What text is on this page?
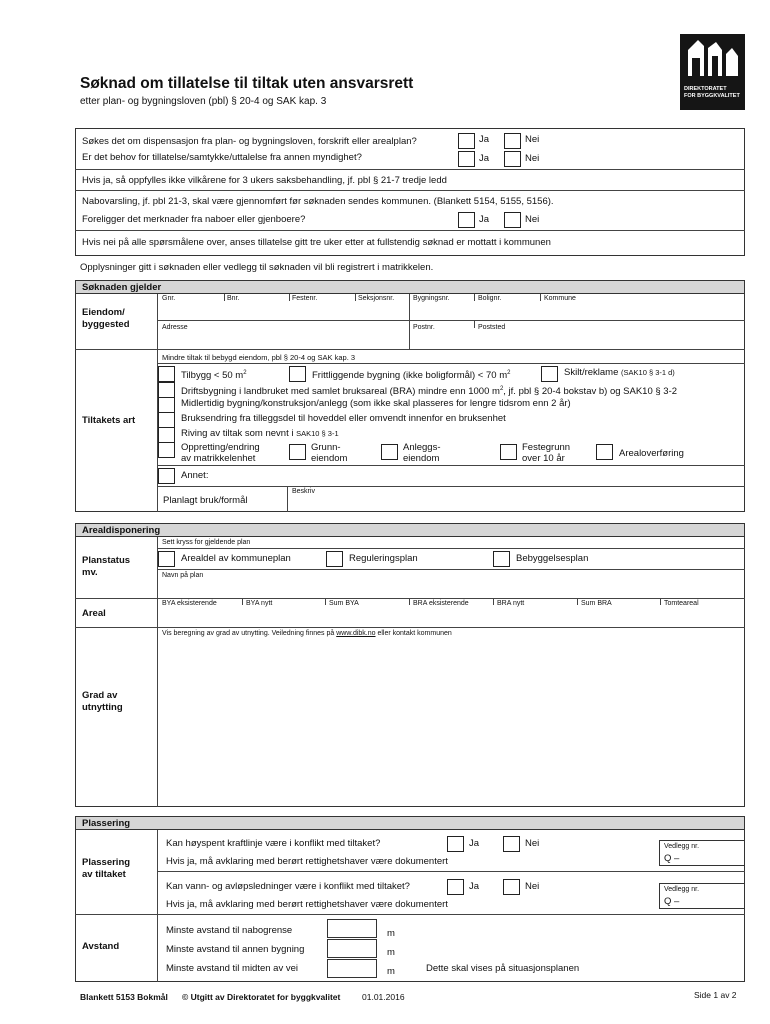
DIREKTORATET
FOR BYGGKVALITET
Søknad om tillatelse til tiltak uten ansvarsrett
etter plan- og bygningsloven (pbl) § 20-4 og SAK kap. 3
Søkes det om dispensasjon fra plan- og bygningsloven, forskrift eller arealplan?	Ja	Nei
Er det behov for tillatelse/samtykke/uttalelse fra annen myndighet?	Ja	Nei
Hvis ja, så oppfylles ikke vilkårene for 3 ukers saksbehandling, jf. pbl § 21-7 tredje ledd
Nabovarsling, jf. pbl 21-3, skal være gjennomført før søknaden sendes kommunen. (Blankett 5154, 5155, 5156).
Foreligger det merknader fra naboer eller gjenboere?	Ja	Nei
Hvis nei på alle spørsmålene over, anses tillatelse gitt tre uker etter at fullstendig søknad er mottatt i kommunen
Opplysninger gitt i søknaden eller vedlegg til søknaden vil bli registrert i matrikkelen.
Søknaden gjelder
Eiendom/
byggested
Gnr.	Bnr.	Festenr.	Seksjonsnr.	Bygningsnr.	Bolignr.	Kommune
Adresse	Postnr.	Poststed
Tiltakets art
Mindre tiltak til bebygd eiendom, pbl § 20-4 og SAK kap. 3
Tilbygg < 50 $m^2$	Frittliggende bygning (ikke boligformål) < 70 $m^2$	Skilt/reklame (SAK10 § 3-1 d)
Driftsbygning i landbruket med samlet bruksareal (BRA) mindre enn 1000 $m^2$, jf. pbl § 20-4 bokstav b) og SAK10 § 3-2
Midlertidig bygning/konstruksjon/anlegg (som ikke skal plasseres for lengre tidsrom enn 2 år)
Bruksendring fra tilleggsdel til hoveddel eller omvendt innenfor en bruksenhet
Riving av tiltak som nevnt i SAK10 § 3-1
Oppretting/endring
av matrikkelenhet
Grunn-
eiendom
Anleggs-
eiendom
Festegrunn
over 10 år	Arealoverføring
Annet:
Planlagt bruk/formål
Beskriv
Arealdisponering
Sett kryss for gjeldende plan
Planstatus
mv.
Arealdel av kommuneplan	Reguleringsplan	Bebyggelsesplan
Navn på plan
Areal
BYA eksisterende	BYA nytt	Sum BYA	BRA eksisterende	BRA nytt	Sum BRA	Tomteareal
Grad av
utnytting
Vis beregning av grad av utnytting. Veiledning finnes på www.dibk.no eller kontakt kommunen
Plassering
Plassering
av tiltaket
Kan høyspent kraftlinje være i konflikt med tiltaket?	Ja	Nei
Hvis ja, må avklaring med berørt rettighetshaver være dokumentert
Vedlegg nr.
Q –
Kan vann- og avløpsledninger være i konflikt med tiltaket?	Ja	Nei
Hvis ja, må avklaring med berørt rettighetshaver være dokumentert
Vedlegg nr.
Q –
Avstand
Minste avstand til nabogrense
Minste avstand til annen bygning
Minste avstand til midten av vei
m
m
m	Dette skal vises på situasjonsplanen
Blankett 5153 Bokmål © Utgitt av Direktoratet for byggkvalitet	01.01.2016	Side 1 av 2
